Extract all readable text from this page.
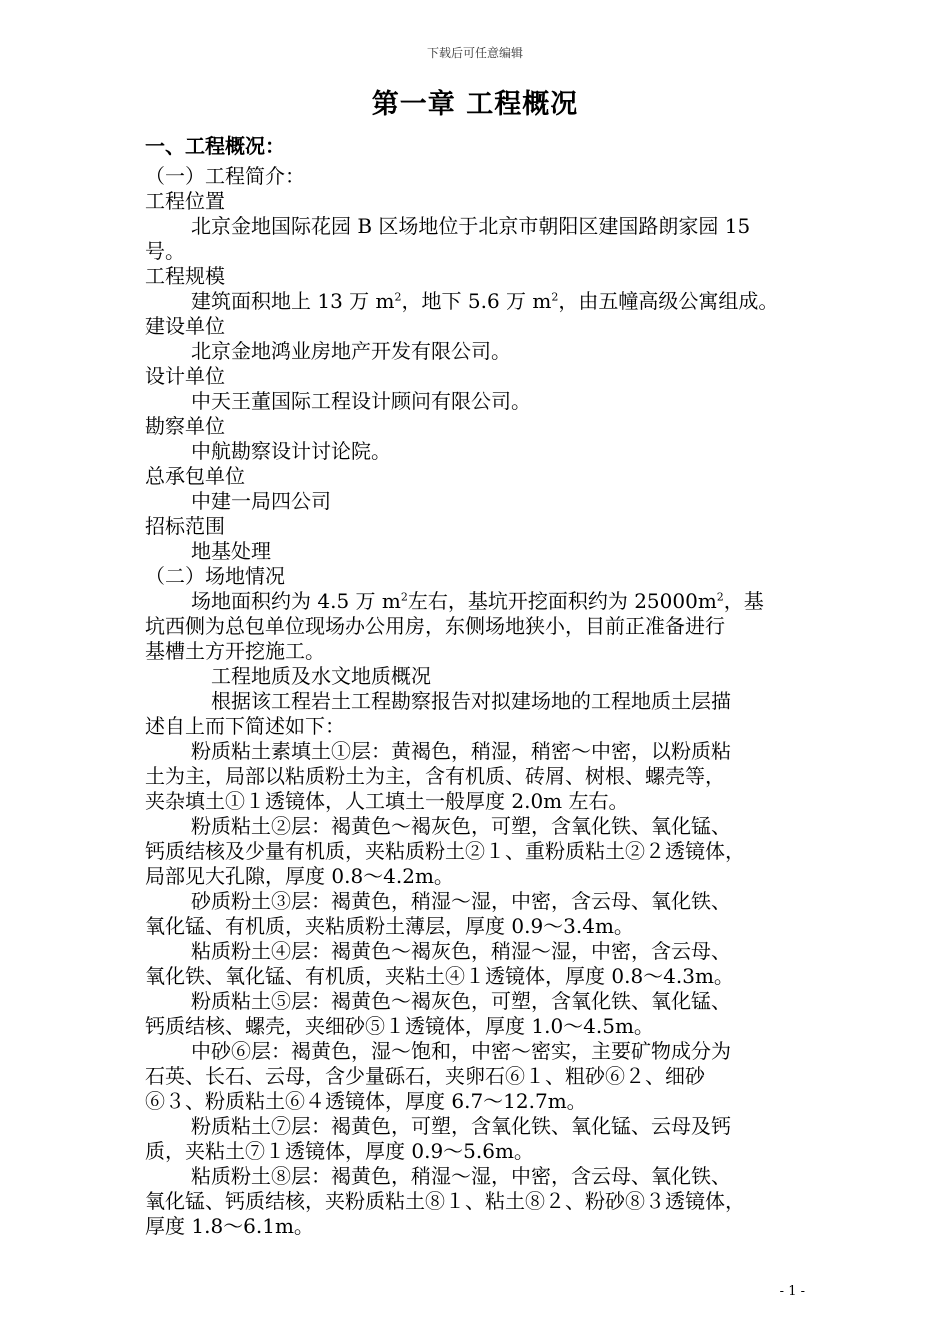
下载后可任意编辑
第一章 工程概况
一、工程概况：
（一）工程简介：
工程位置
北京金地国际花园 B 区场地位于北京市朝阳区建国路朗家园 15
号。
工程规模
建筑面积地上 13 万 $m^2$，地下 5.6 万 $m^2$，由五幢高级公寓组成。
建设单位
北京金地鸿业房地产开发有限公司。
设计单位
中天王董国际工程设计顾问有限公司。
勘察单位
中航勘察设计讨论院。
总承包单位
中建一局四公司
招标范围
地基处理
（二）场地情况
场地面积约为 4.5 万 $m^2$左右，基坑开挖面积约为 $25000m^2$，基
坑西侧为总包单位现场办公用房，东侧场地狭小，目前正准备进行
基槽土方开挖施工。
工程地质及水文地质概况
根据该工程岩土工程勘察报告对拟建场地的工程地质土层描
述自上而下简述如下：
粉质粘土素填土①层：黄褐色，稍湿，稍密～中密，以粉质粘
土为主，局部以粘质粉土为主，含有机质、砖屑、树根、螺壳等，
夹杂填土①１透镜体，人工填土一般厚度 2.0m 左右。
粉质粘土②层：褐黄色～褐灰色，可塑，含氧化铁、氧化锰、
钙质结核及少量有机质，夹粘质粉土②１、重粉质粘土②２透镜体，
局部见大孔隙，厚度 0.8～4.2m。
砂质粉土③层：褐黄色，稍湿～湿，中密，含云母、氧化铁、
氧化锰、有机质，夹粘质粉土薄层，厚度 0.9～3.4m。
粘质粉土④层：褐黄色～褐灰色，稍湿～湿，中密，含云母、
氧化铁、氧化锰、有机质，夹粘土④１透镜体，厚度 0.8～4.3m。
粉质粘土⑤层：褐黄色～褐灰色，可塑，含氧化铁、氧化锰、
钙质结核、螺壳，夹细砂⑤１透镜体，厚度 1.0～4.5m。
中砂⑥层：褐黄色，湿～饱和，中密～密实，主要矿物成分为
石英、长石、云母，含少量砾石，夹卵石⑥１、粗砂⑥２、细砂
⑥３、粉质粘土⑥４透镜体，厚度 6.7～12.7m。
粉质粘土⑦层：褐黄色，可塑，含氧化铁、氧化锰、云母及钙
质，夹粘土⑦１透镜体，厚度 0.9～5.6m。
粘质粉土⑧层：褐黄色，稍湿～湿，中密，含云母、氧化铁、
氧化锰、钙质结核，夹粉质粘土⑧１、粘土⑧２、粉砂⑧３透镜体，
厚度 1.8～6.1m。
- 1 -
